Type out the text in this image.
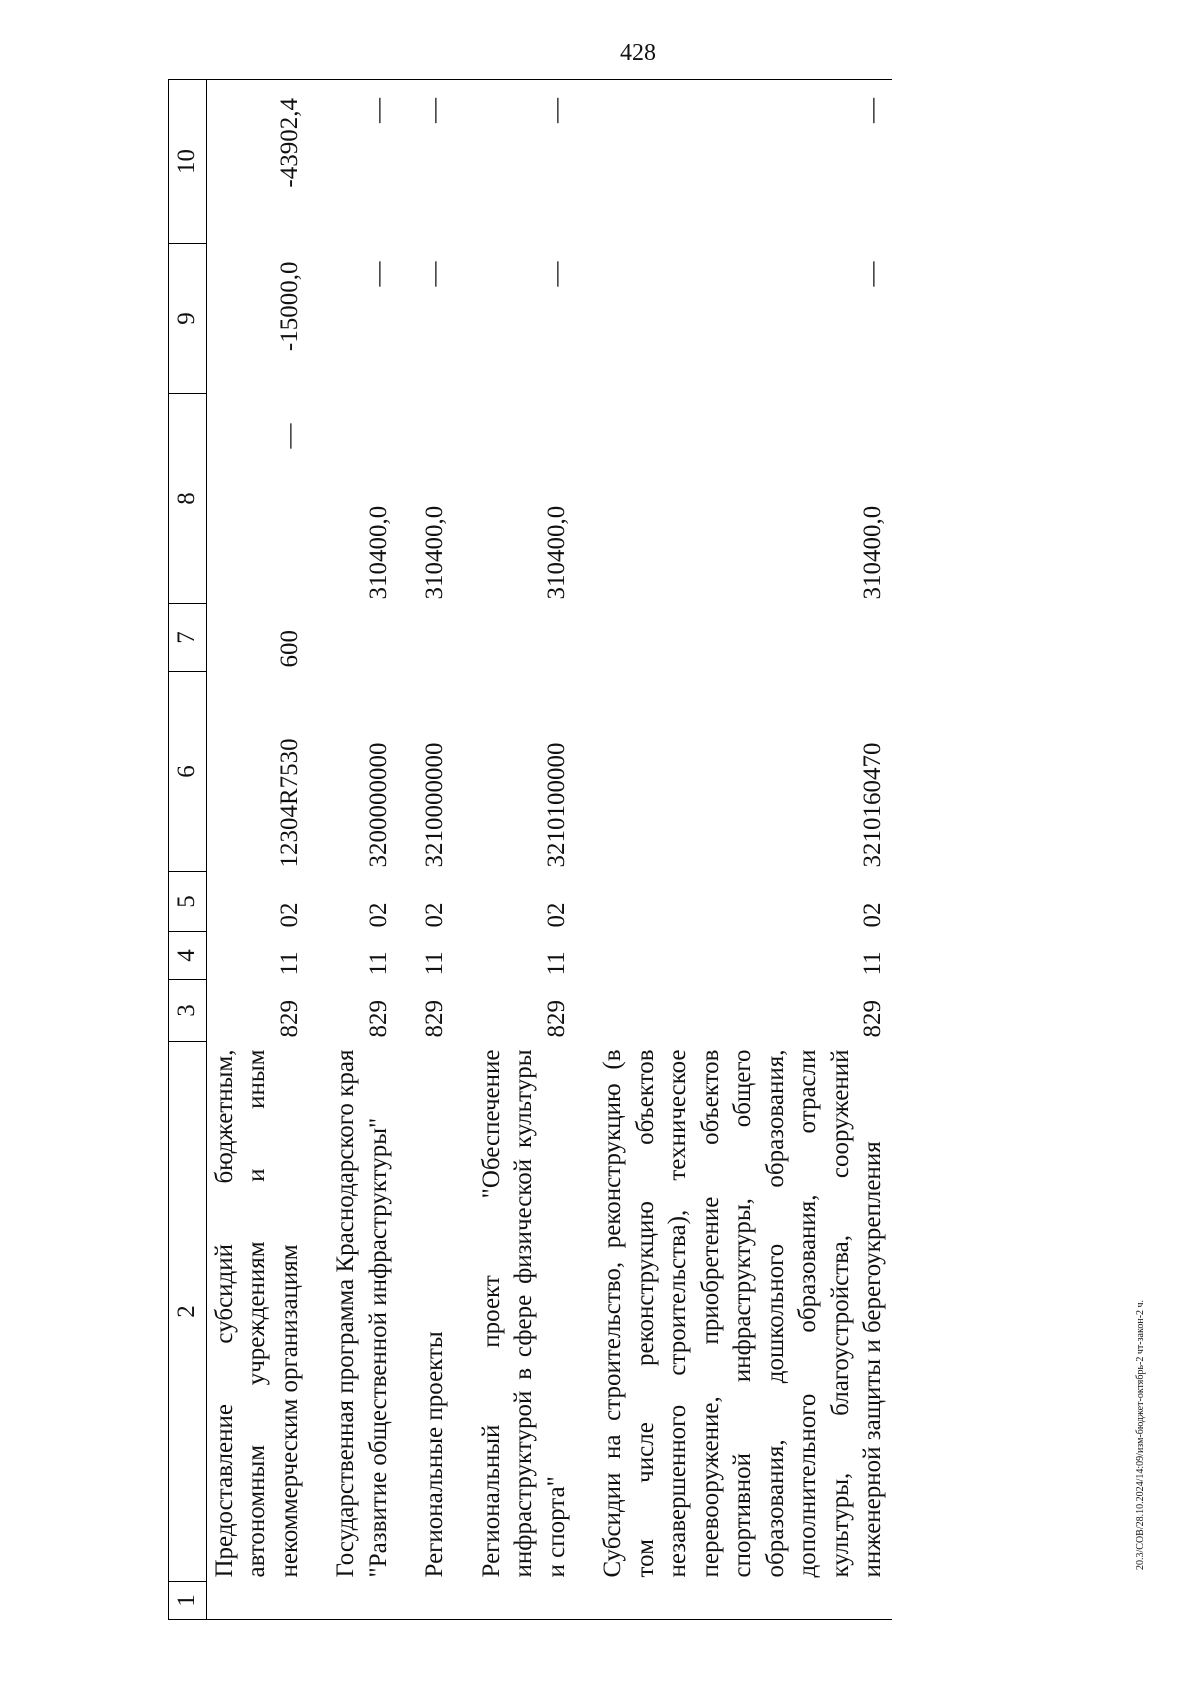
428
1	2	3	4	5	6	7	8	9	10
	Предоставление субсидий бюджетным, автономным учреждениям и иным некоммерческим организациям	829	11	02	12304R7530	600	—	-15000,0	-43902,4

	Государственная программа Краснодарского края "Развитие общественной инфраструктуры"	829	11	02	3200000000		310400,0	—	—

	Региональные проекты	829	11	02	3210000000		310400,0	—	—

	Региональный проект "Обеспечение инфраструктурой в сфере физической культуры и спорта"	829	11	02	3210100000		310400,0	—	—

	Субсидии на строительство, реконструкцию (в том числе реконструкцию объектов незавершенного строительства), техническое перевооружение, приобретение объектов спортивной инфраструктуры, общего образования, дошкольного образования, дополнительного образования, отрасли культуры, благоустройства, сооружений инженерной защиты и берегоукрепления	829	11	02	3210160470		310400,0	—	—
20.3/СОВ/28.10.2024/14:09/изм-бюджет-октябрь-2 чт-закон-2 ч.
